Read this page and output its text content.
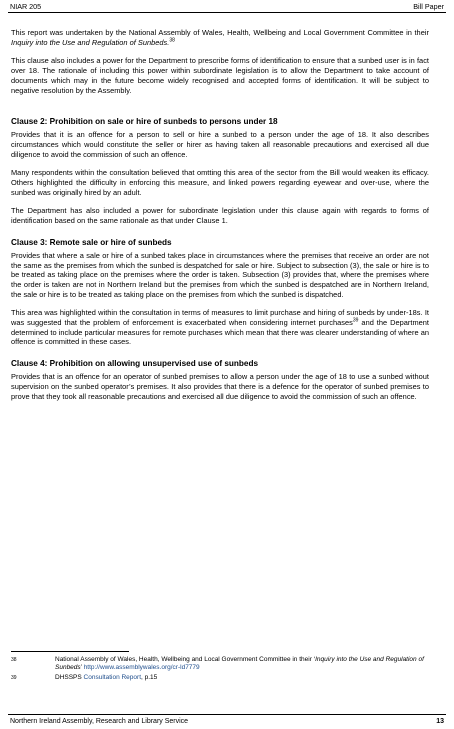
NIAR 205	Bill Paper

This report was undertaken by the National Assembly of Wales, Health, Wellbeing and Local Government Committee in their Inquiry into the Use and Regulation of Sunbeds.$^{38}$

This clause also includes a power for the Department to prescribe forms of identification to ensure that a sunbed user is in fact over 18. The rationale of including this power within subordinate legislation is to allow the Department to take account of documents which may in the future become widely recognised and accepted forms of identification. It will be subject to negative resolution by the Assembly.

Clause 2: Prohibition on sale or hire of sunbeds to persons under 18

Provides that it is an offence for a person to sell or hire a sunbed to a person under the age of 18. It also describes circumstances which would constitute the seller or hirer as having taken all reasonable precautions and exercised all due diligence to avoid the commission of such an offence.

Many respondents within the consultation believed that omtting this area of the sector from the Bill would weaken its efficacy. Others highlighted the difficulty in enforcing this measure, and linked powers regarding eyewear and over-use, where the sunbed was originally hired by an adult.

The Department has also included a power for subordinate legislation under this clause again with regards to forms of identification based on the same rationale as that under Clause 1.

Clause 3: Remote sale or hire of sunbeds

Provides that where a sale or hire of a sunbed takes place in circumstances where the premises that receive an order are not the same as the premises from which the sunbed is despatched for sale or hire. Subject to subsection (3), the sale or hire is to be treated as taking place on the premises where the order is taken. Subsection (3) provides that, where the premises where the order is taken are not in Northern Ireland but the premises from which the sunbed is despatched are in Northern Ireland, the sale or hire is to be treated as taking place on the premises from which the sunbed is dispatched.

This area was highlighted within the consultation in terms of measures to limit purchase and hiring of sunbeds by under-18s. It was suggested that the problem of enforcement is exacerbated when considering internet purchases$^{39}$ and the Department determined to include particular measures for remote purchases which mean that there was clearer understanding of where an offence is committed in these cases.

Clause 4: Prohibition on allowing unsupervised use of sunbeds

Provides that is an offence for an operator of sunbed premises to allow a person under the age of 18 to use a sunbed without supervision on the sunbed operator’s premises. It also provides that there is a defence for the operator of sunbed premises to prove that they took all reasonable precautions and exercised all due diligence to avoid the commission of such an offence.

38	National Assembly of Wales, Health, Wellbeing and Local Government Committee in their ‘Inquiry into the Use and Regulation of Sunbeds’ http://www.assemblywales.org/cr-ld7779
39	DHSSPS Consultation Report, p.15
Northern Ireland Assembly, Research and Library Service	13
